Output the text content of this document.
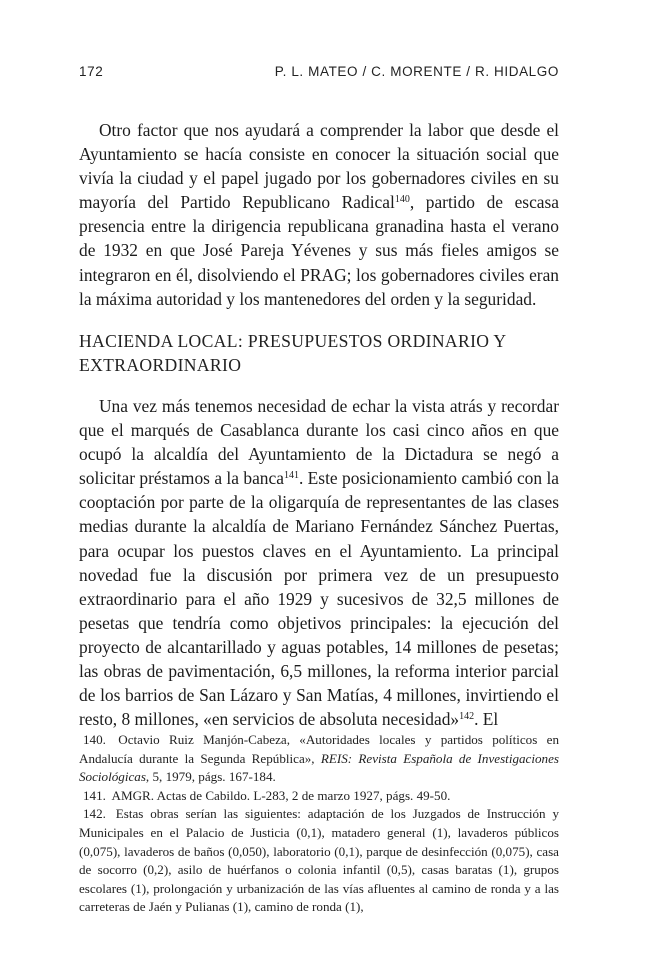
172	P. L. MATEO / C. MORENTE / R. HIDALGO

Otro factor que nos ayudará a comprender la labor que desde el Ayuntamiento se hacía consiste en conocer la situación social que vivía la ciudad y el papel jugado por los gobernadores civiles en su mayoría del Partido Republicano Radical$^{140}$, partido de escasa presencia entre la dirigencia republicana granadina hasta el verano de 1932 en que José Pareja Yévenes y sus más fieles amigos se integraron en él, disolviendo el PRAG; los gobernadores civiles eran la máxima autoridad y los mantenedores del orden y la seguridad.

HACIENDA LOCAL: PRESUPUESTOS ORDINARIO Y EXTRAORDINARIO

Una vez más tenemos necesidad de echar la vista atrás y recordar que el marqués de Casablanca durante los casi cinco años en que ocupó la alcaldía del Ayuntamiento de la Dictadura se negó a solicitar préstamos a la banca$^{141}$. Este posicionamiento cambió con la cooptación por parte de la oligarquía de representantes de las clases medias durante la alcaldía de Mariano Fernández Sánchez Puertas, para ocupar los puestos claves en el Ayuntamiento. La principal novedad fue la discusión por primera vez de un presupuesto extraordinario para el año 1929 y sucesivos de 32,5 millones de pesetas que tendría como objetivos principales: la ejecución del proyecto de alcantarillado y aguas potables, 14 millones de pesetas; las obras de pavimentación, 6,5 millones, la reforma interior parcial de los barrios de San Lázaro y San Matías, 4 millones, invirtiendo el resto, 8 millones, «en servicios de absoluta necesidad»$^{142}$. El

140. Octavio Ruiz Manjón-Cabeza, «Autoridades locales y partidos políticos en Andalucía durante la Segunda República», REIS: Revista Española de Investigaciones Sociológicas, 5, 1979, págs. 167-184.

141. AMGR. Actas de Cabildo. L-283, 2 de marzo 1927, págs. 49-50.

142. Estas obras serían las siguientes: adaptación de los Juzgados de Instrucción y Municipales en el Palacio de Justicia (0,1), matadero general (1), lavaderos públicos (0,075), lavaderos de baños (0,050), laboratorio (0,1), parque de desinfección (0,075), casa de socorro (0,2), asilo de huérfanos o colonia infantil (0,5), casas baratas (1), grupos escolares (1), prolongación y urbanización de las vías afluentes al camino de ronda y a las carreteras de Jaén y Pulianas (1), camino de ronda (1),
